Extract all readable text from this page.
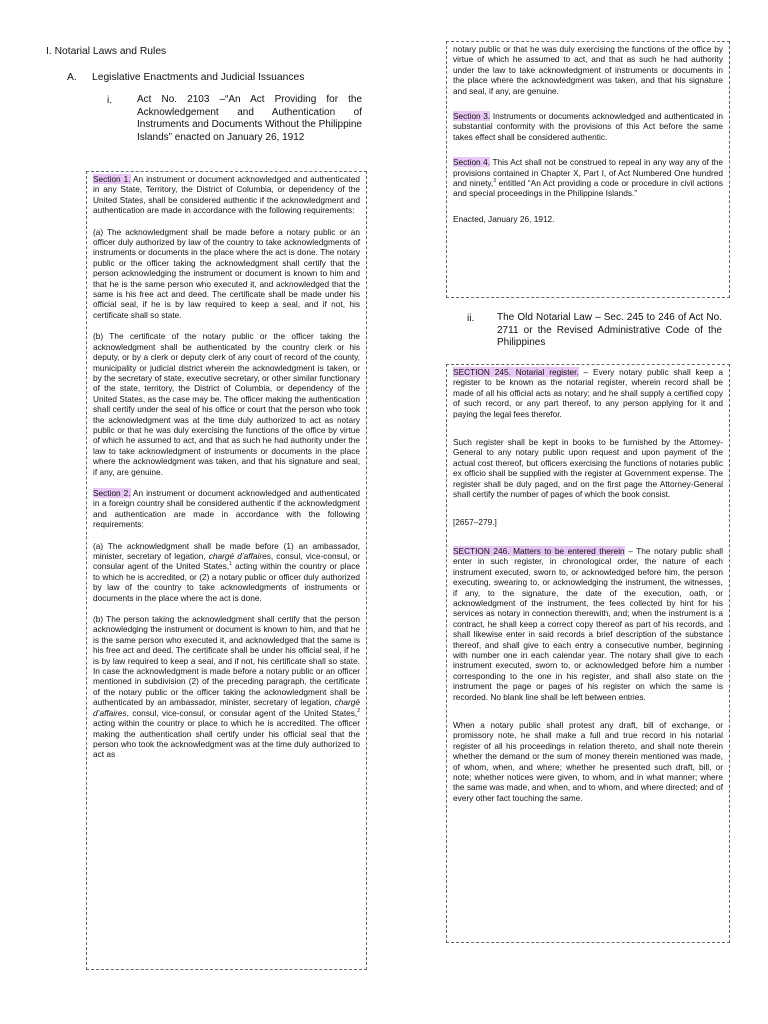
I. Notarial Laws and Rules
A. Legislative Enactments and Judicial Issuances
i.	Act No. 2103 –“An Act Providing for the Acknowledgement and Authentication of Instruments and Documents Without the Philippine Islands” enacted on January 26, 1912

Section 1. An instrument or document acknowledged and authenticated in any State, Territory, the District of Columbia, or dependency of the United States, shall be considered authentic if the acknowledgment and authentication are made in accordance with the following requirements:

(a) The acknowledgment shall be made before a notary public or an officer duly authorized by law of the country to take acknowledgments of instruments or documents in the place where the act is done. The notary public or the officer taking the acknowledgment shall certify that the person acknowledging the instrument or document is known to him and that he is the same person who executed it, and acknowledged that the same is his free act and deed. The certificate shall be made under his official seal, if he is by law required to keep a seal, and if not, his certificate shall so state.

(b) The certificate of the notary public or the officer taking the acknowledgment shall be authenticated by the country clerk or his deputy, or by a clerk or deputy clerk of any court of record of the county, municipality or judicial district wherein the acknowledgment is taken, or by the secretary of state, executive secretary, or other similar functionary of the state, territory, the District of Columbia, or dependency of the United States, as the case may be. The officer making the authentication shall certify under the seal of his office or court that the person who took the acknowledgment was at the time duly authorized to act as notary public or that he was duly exercising the functions of the office by virtue of which he assumed to act, and that as such he had authority under the law to take acknowledgment of instruments or documents in the place where the acknowledgment was taken, and that his signature and seal, if any, are genuine.

Section 2. An instrument or document acknowledged and authenticated in a foreign country shall be considered authentic if the acknowledgment and authentication are made in accordance with the following requirements:

(a) The acknowledgment shall be made before (1) an ambassador, minister, secretary of legation, chargé d’affaires, consul, vice-consul, or consular agent of the United States,$^1$ acting within the country or place to which he is accredited, or (2) a notary public or officer duly authorized by law of the country to take acknowledgments of instruments or documents in the place where the act is done.

(b) The person taking the acknowledgment shall certify that the person acknowledging the instrument or document is known to him, and that he is the same person who executed it, and acknowledged that the same is his free act and deed. The certificate shall be under his official seal, if he is by law required to keep a seal, and if not, his certificate shall so state. In case the acknowledgment is made before a notary public or an officer mentioned in subdivision (2) of the preceding paragraph, the certificate of the notary public or the officer taking the acknowledgment shall be authenticated by an ambassador, minister, secretary of legation, chargé d’affaires, consul, vice-consul, or consular agent of the United States,$^2$ acting within the country or place to which he is accredited. The officer making the authentication shall certify under his official seal that the person who took the acknowledgment was at the time duly authorized to act as

notary public or that he was duly exercising the functions of the office by virtue of which he assumed to act, and that as such he had authority under the law to take acknowledgment of instruments or documents in the place where the acknowledgment was taken, and that his signature and seal, if any, are genuine.

Section 3. Instruments or documents acknowledged and authenticated in substantial conformity with the provisions of this Act before the same takes effect shall be considered authentic.

Section 4. This Act shall not be construed to repeal in any way any of the provisions contained in Chapter X, Part I, of Act Numbered One hundred and ninety,$^3$ entitled “An Act providing a code or procedure in civil actions and special proceedings in the Philippine Islands.”

Enacted, January 26, 1912.

ii. The Old Notarial Law – Sec. 245 to 246 of Act No. 2711 or the Revised Administrative Code of the Philippines

SECTION 245. Notarial register. – Every notary public shall keep a register to be known as the notarial register, wherein record shall be made of all his official acts as notary; and he shall supply a certified copy of such record, or any part thereof, to any person applying for it and paying the legal fees therefor.

Such register shall be kept in books to be furnished by the Attorney-General to any notary public upon request and upon payment of the actual cost thereof, but officers exercising the functions of notaries public ex officio shall be supplied with the register at Government expense. The register shall be duly paged, and on the first page the Attorney-General shall certify the number of pages of which the book consist.

[2657–279.]

SECTION 246. Matters to be entered therein – The notary public shall enter in such register, in chronological order, the nature of each instrument executed, sworn to, or acknowledged before him, the person executing, swearing to, or acknowledging the instrument, the witnesses, if any, to the signature, the date of the execution, oath, or acknowledgment of the instrument, the fees collected by hint for his services as notary in connection therewith, and; when the instrument is a contract, he shall keep a correct copy thereof as part of his records, and shall likewise enter in said records a brief description of the substance thereof, and shall give to each entry a consecutive number, beginning with number one in each calendar year. The notary shall give to each instrument executed, sworn to, or acknowledged before him a number corresponding to the one in his register, and shall also state on the instrument the page or pages of his register on which the same is recorded. No blank line shall be left between entries.

When a notary public shall protest any draft, bill of exchange, or promissory note, he shall make a full and true record in his notarial register of all his proceedings in relation thereto, and shall note therein whether the demand or the sum of money therein mentioned was made, of whom, when, and where; whether he presented such draft, bill, or note; whether notices were given, to whom, and in what manner; where the same was made, and when, and to whom, and where directed; and of every other fact touching the same.
